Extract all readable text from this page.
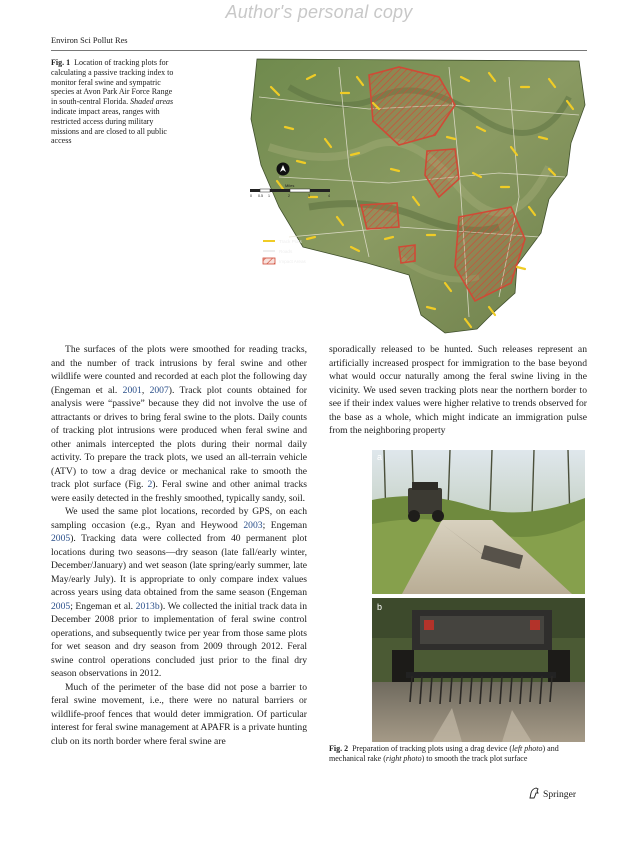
Author's personal copy
Environ Sci Pollut Res
Fig. 1 Location of tracking plots for calculating a passive tracking index to monitor feral swine and sympatric species at Avon Park Air Force Range in south-central Florida. Shaded areas indicate impact areas, ranges with restricted access during military missions and are closed to all public access
Miles
0 0.5 1	2	3	4
Track Plots
Roads
Impact Areas

The surfaces of the plots were smoothed for reading tracks, and the number of track intrusions by feral swine and other wildlife were counted and recorded at each plot the following day (Engeman et al. 2001, 2007). Track plot counts obtained for analysis were “passive” because they did not involve the use of attractants or drives to bring feral swine to the plots. Daily counts of tracking plot intrusions were produced when feral swine and other animals intercepted the plots during their normal daily activity. To prepare the track plots, we used an all-terrain vehicle (ATV) to tow a drag device or mechanical rake to smooth the track plot surface (Fig. 2). Feral swine and other animal tracks were easily detected in the freshly smoothed, typically sandy, soil.

We used the same plot locations, recorded by GPS, on each sampling occasion (e.g., Ryan and Heywood 2003; Engeman 2005). Tracking data were collected from 40 permanent plot locations during two seasons—dry season (late fall/early winter, December/January) and wet season (late spring/early summer, late May/early July). It is appropriate to only compare index values across years using data obtained from the same season (Engeman 2005; Engeman et al. 2013b). We collected the initial track data in December 2008 prior to implementation of feral swine control operations, and subsequently twice per year from those same plots for wet season and dry season from 2009 through 2012. Feral swine control operations concluded just prior to the final dry season observations in 2012.

Much of the perimeter of the base did not pose a barrier to feral swine movement, i.e., there were no natural barriers or wildlife-proof fences that would deter immigration. Of particular interest for feral swine management at APAFR is a private hunting club on its north border where feral swine are

sporadically released to be hunted. Such releases represent an artificially increased prospect for immigration to the base beyond what would occur naturally among the feral swine living in the vicinity. We used seven tracking plots near the northern border to see if their index values were higher relative to trends observed for the base as a whole, which might indicate an immigration pulse from the neighboring property

a
b
Fig. 2 Preparation of tracking plots using a drag device (left photo) and mechanical rake (right photo) to smooth the track plot surface
Springer
